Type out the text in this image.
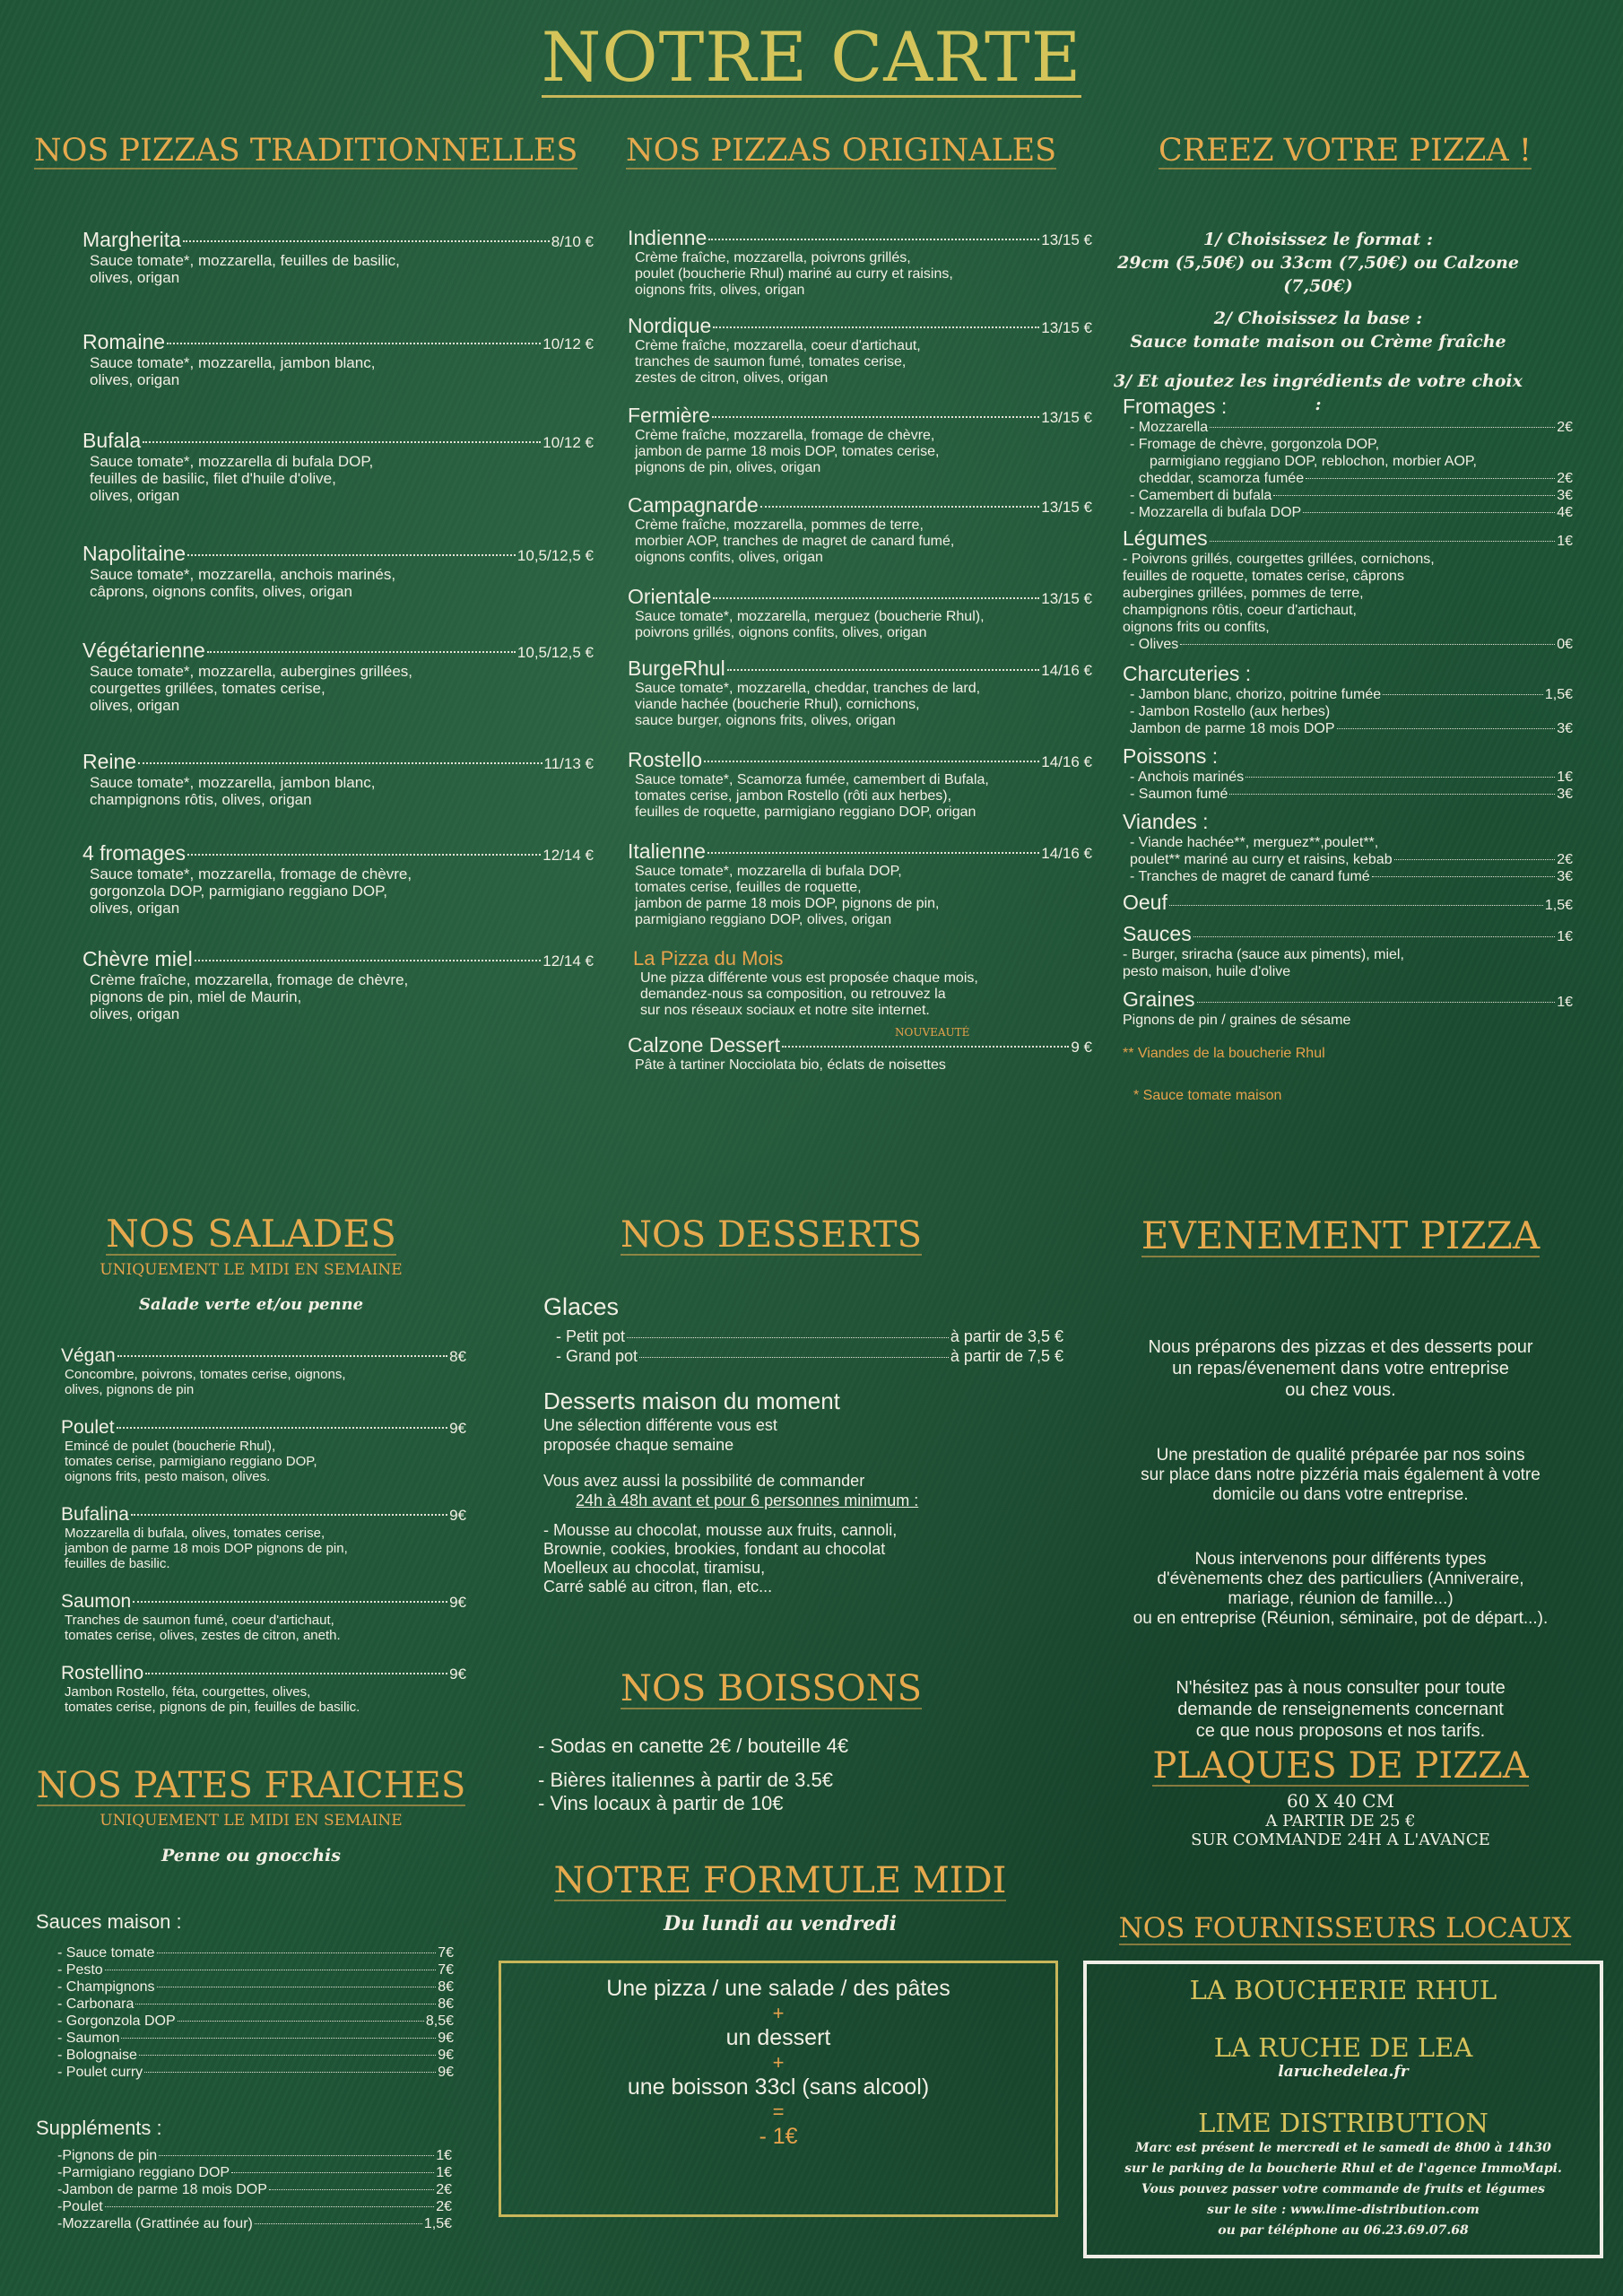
NOTRE CARTE
NOS PIZZAS TRADITIONNELLES
Margherita	8/10 €
Sauce tomate*, mozzarella, feuilles de basilic,
olives, origan
Romaine	10/12 €
Sauce tomate*, mozzarella, jambon blanc,
olives, origan
Bufala	10/12 €
Sauce tomate*, mozzarella di bufala DOP,
feuilles de basilic, filet d'huile d'olive,
olives, origan
Napolitaine	10,5/12,5 €
Sauce tomate*, mozzarella, anchois marinés,
câprons, oignons confits, olives, origan
Végétarienne	10,5/12,5 €
Sauce tomate*, mozzarella, aubergines grillées,
courgettes grillées, tomates cerise,
olives, origan
Reine	11/13 €
Sauce tomate*, mozzarella, jambon blanc,
champignons rôtis, olives, origan
4 fromages	12/14 €
Sauce tomate*, mozzarella, fromage de chèvre,
gorgonzola DOP, parmigiano reggiano DOP,
olives, origan
Chèvre miel	12/14 €
Crème fraîche, mozzarella, fromage de chèvre,
pignons de pin, miel de Maurin,
olives, origan
NOS PIZZAS ORIGINALES
Indienne	13/15 €
Crème fraîche, mozzarella, poivrons grillés,
poulet (boucherie Rhul) mariné au curry et raisins,
oignons frits, olives, origan
Nordique	13/15 €
Crème fraîche, mozzarella, coeur d'artichaut,
tranches de saumon fumé, tomates cerise,
zestes de citron, olives, origan
Fermière	13/15 €
Crème fraîche, mozzarella, fromage de chèvre,
jambon de parme 18 mois DOP, tomates cerise,
pignons de pin, olives, origan
Campagnarde	13/15 €
Crème fraîche, mozzarella, pommes de terre,
morbier AOP, tranches de magret de canard fumé,
oignons confits, olives, origan
Orientale	13/15 €
Sauce tomate*, mozzarella, merguez (boucherie Rhul),
poivrons grillés, oignons confits, olives, origan
BurgeRhul	14/16 €
Sauce tomate*, mozzarella, cheddar, tranches de lard,
viande hachée (boucherie Rhul), cornichons,
sauce burger, oignons frits, olives, origan
Rostello	14/16 €
Sauce tomate*, Scamorza fumée, camembert di Bufala,
tomates cerise, jambon Rostello (rôti aux herbes),
feuilles de roquette, parmigiano reggiano DOP, origan
Italienne	14/16 €
Sauce tomate*, mozzarella di bufala DOP,
tomates cerise, feuilles de roquette,
jambon de parme 18 mois DOP, pignons de pin,
parmigiano reggiano DOP, olives, origan
La Pizza du Mois
Une pizza différente vous est proposée chaque mois,
demandez-nous sa composition, ou retrouvez la
sur nos réseaux sociaux et notre site internet.
Calzone Dessert	9 €
NOUVEAUTÉ
Pâte à tartiner Nocciolata bio, éclats de noisettes
CREEZ VOTRE PIZZA !
1/ Choisissez le format :
29cm (5,50€) ou 33cm (7,50€) ou Calzone (7,50€)
2/ Choisissez la base :
Sauce tomate maison ou Crème fraîche
3/ Et ajoutez les ingrédients de votre choix :
Fromages :
- Mozzarella	2€
- Fromage de chèvre, gorgonzola DOP,
parmigiano reggiano DOP, reblochon, morbier AOP,
cheddar, scamorza fumée	2€
- Camembert di bufala	3€
- Mozzarella di bufala DOP	4€
Légumes	1€
- Poivrons grillés, courgettes grillées, cornichons,
feuilles de roquette, tomates cerise, câprons
aubergines grillées, pommes de terre,
champignons rôtis, coeur d'artichaut,
oignons frits ou confits,
- Olives	0€
Charcuteries :
- Jambon blanc, chorizo, poitrine fumée	1,5€
- Jambon Rostello (aux herbes)
Jambon de parme 18 mois DOP	3€
Poissons :
- Anchois marinés	1€
- Saumon fumé	3€
Viandes :
- Viande hachée**, merguez**,poulet**,
poulet** mariné au curry et raisins, kebab	2€
- Tranches de magret de canard fumé	3€
Oeuf	1,5€
Sauces	1€
- Burger, sriracha (sauce aux piments), miel,
pesto maison, huile d'olive
Graines	1€
Pignons de pin / graines de sésame
** Viandes de la boucherie Rhul
* Sauce tomate maison
NOS SALADES
UNIQUEMENT LE MIDI EN SEMAINE
Salade verte et/ou penne
Végan	8€
Concombre, poivrons, tomates cerise, oignons,
olives, pignons de pin
Poulet	9€
Emincé de poulet (boucherie Rhul),
tomates cerise, parmigiano reggiano DOP,
oignons frits, pesto maison, olives.
Bufalina	9€
Mozzarella di bufala, olives, tomates cerise,
jambon de parme 18 mois DOP pignons de pin,
feuilles de basilic.
Saumon	9€
Tranches de saumon fumé, coeur d'artichaut,
tomates cerise, olives, zestes de citron, aneth.
Rostellino	9€
Jambon Rostello, féta, courgettes, olives,
tomates cerise, pignons de pin, feuilles de basilic.
NOS PATES FRAICHES
UNIQUEMENT LE MIDI EN SEMAINE
Penne ou gnocchis
Sauces maison :
- Sauce tomate	7€
- Pesto	7€
- Champignons	8€
- Carbonara	8€
- Gorgonzola DOP	8,5€
- Saumon	9€
- Bolognaise	9€
- Poulet curry	9€
Suppléments :
-Pignons de pin	1€
-Parmigiano reggiano DOP	1€
-Jambon de parme 18 mois DOP	2€
-Poulet	2€
-Mozzarella (Grattinée au four)	1,5€
NOS DESSERTS
Glaces
- Petit pot	à partir de 3,5 €
- Grand pot	à partir de 7,5 €
Desserts maison du moment
Une sélection différente vous est
proposée chaque semaine
Vous avez aussi la possibilité de commander
24h à 48h avant et pour 6 personnes minimum :
- Mousse au chocolat, mousse aux fruits, cannoli,
Brownie, cookies, brookies, fondant au chocolat
Moelleux au chocolat, tiramisu,
Carré sablé au citron, flan, etc...
NOS BOISSONS
- Sodas en canette 2€ / bouteille 4€
- Bières italiennes à partir de 3.5€
- Vins locaux à partir de 10€
NOTRE FORMULE MIDI
Du lundi au vendredi
Une pizza / une salade / des pâtes
+
un dessert
+
une boisson 33cl (sans alcool)
=
- 1€
EVENEMENT PIZZA

Nous préparons des pizzas et des desserts pour
un repas/évenement dans votre entreprise
ou chez vous.

Une prestation de qualité préparée par nos soins
sur place dans notre pizzéria mais également à votre
domicile ou dans votre entreprise.

Nous intervenons pour différents types
d'évènements chez des particuliers (Anniveraire,
mariage, réunion de famille...)
ou en entreprise (Réunion, séminaire, pot de départ...).

N'hésitez pas à nous consulter pour toute
demande de renseignements concernant
ce que nous proposons et nos tarifs.

PLAQUES DE PIZZA
60 X 40 CM
A PARTIR DE 25 €
SUR COMMANDE 24H A L'AVANCE
NOS FOURNISSEURS LOCAUX
LA BOUCHERIE RHUL
LA RUCHE DE LEA
laruchedelea.fr
LIME DISTRIBUTION
Marc est présent le mercredi et le samedi de 8h00 à 14h30
sur le parking de la boucherie Rhul et de l'agence ImmoMapi.
Vous pouvez passer votre commande de fruits et légumes
sur le site : www.lime-distribution.com
ou par téléphone au 06.23.69.07.68
